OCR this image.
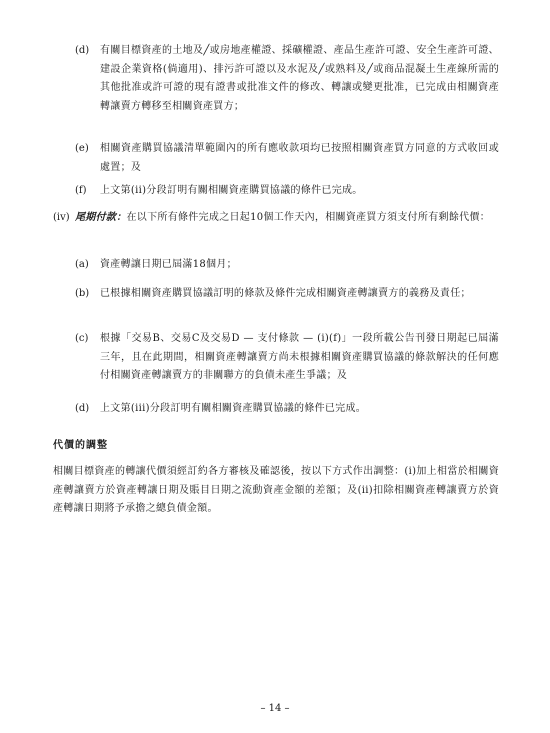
(d) 有關目標資產的土地及╱或房地產權證、採礦權證、產品生產許可證、安全生產許可證、建設企業資格(倘適用)、排污許可證以及水泥及╱或熟料及╱或商品混凝土生產線所需的其他批准或許可證的現有證書或批准文件的修改、轉讓或變更批准，已完成由相關資產轉讓賣方轉移至相關資產買方；
(e) 相關資產購買協議清單範圍內的所有應收款項均已按照相關資產買方同意的方式收回或處置；及
(f) 上文第(ii)分段訂明有關相關資產購買協議的條件已完成。
(iv) 尾期付款：在以下所有條件完成之日起10個工作天內，相關資產買方須支付所有剩餘代價：
(a) 資產轉讓日期已屆滿18個月；
(b) 已根據相關資產購買協議訂明的條款及條件完成相關資產轉讓賣方的義務及責任；
(c) 根據「交易B、交易C及交易D — 支付條款 — (i)(f)」一段所載公告刊發日期起已屆滿三年，且在此期間，相關資產轉讓賣方尚未根據相關資產購買協議的條款解決的任何應付相關資產轉讓賣方的非關聯方的負債未產生爭議；及
(d) 上文第(iii)分段訂明有關相關資產購買協議的條件已完成。
代價的調整
相關目標資產的轉讓代價須經訂約各方審核及確認後，按以下方式作出調整：(i)加上相當於相關資產轉讓賣方於資產轉讓日期及賬目日期之流動資產金額的差額；及(ii)扣除相關資產轉讓賣方於資產轉讓日期將予承擔之總負債金額。
– 14 –
